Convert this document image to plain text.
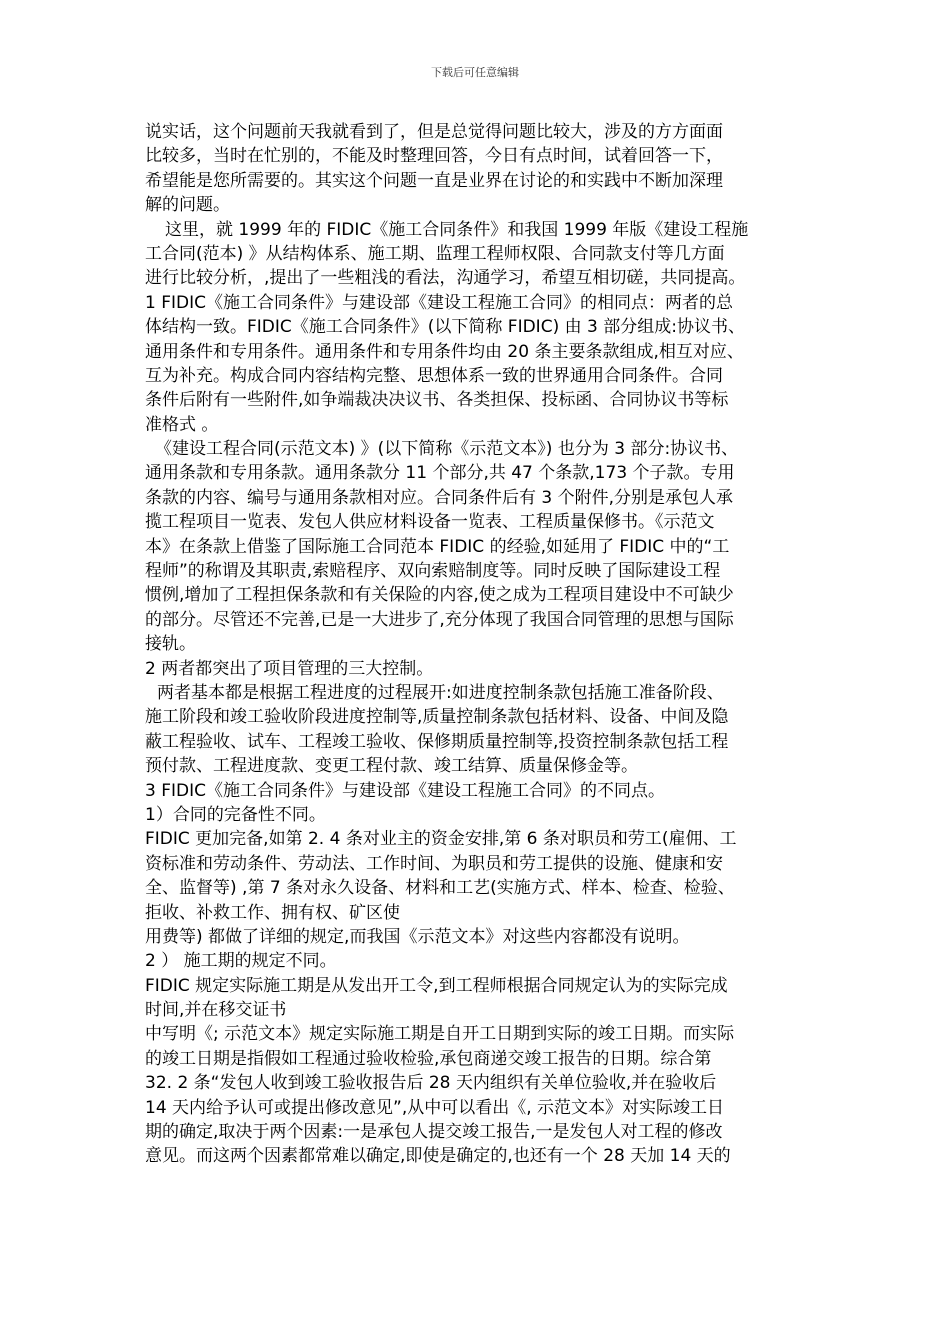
下载后可任意编辑
说实话，这个问题前天我就看到了，但是总觉得问题比较大，涉及的方方面面
比较多，当时在忙别的，不能及时整理回答，今日有点时间，试着回答一下，
希望能是您所需要的。其实这个问题一直是业界在讨论的和实践中不断加深理
解的问题。
这里，就 1999 年的 FIDIC《施工合同条件》和我国 1999 年版《建设工程施
工合同(范本) 》从结构体系、施工期、监理工程师权限、合同款支付等几方面
进行比较分析，,提出了一些粗浅的看法，沟通学习，希望互相切磋，共同提高。
1 FIDIC《施工合同条件》与建设部《建设工程施工合同》的相同点：两者的总
体结构一致。FIDIC《施工合同条件》(以下简称 FIDIC) 由 3 部分组成:协议书、
通用条件和专用条件。通用条件和专用条件均由 20 条主要条款组成,相互对应、
互为补充。构成合同内容结构完整、思想体系一致的世界通用合同条件。合同
条件后附有一些附件,如争端裁决决议书、各类担保、投标函、合同协议书等标
准格式 。
《建设工程合同(示范文本) 》(以下简称《示范文本》) 也分为 3 部分:协议书、
通用条款和专用条款。通用条款分 11 个部分,共 47 个条款,173 个子款。专用
条款的内容、编号与通用条款相对应。合同条件后有 3 个附件,分别是承包人承
揽工程项目一览表、发包人供应材料设备一览表、工程质量保修书。《示范文
本》在条款上借鉴了国际施工合同范本 FIDIC 的经验,如延用了 FIDIC 中的“工
程师”的称谓及其职责,索赔程序、双向索赔制度等。同时反映了国际建设工程
惯例,增加了工程担保条款和有关保险的内容,使之成为工程项目建设中不可缺少
的部分。尽管还不完善,已是一大进步了,充分体现了我国合同管理的思想与国际
接轨。
2 两者都突出了项目管理的三大控制。
两者基本都是根据工程进度的过程展开:如进度控制条款包括施工准备阶段、
施工阶段和竣工验收阶段进度控制等,质量控制条款包括材料、设备、中间及隐
蔽工程验收、试车、工程竣工验收、保修期质量控制等,投资控制条款包括工程
预付款、工程进度款、变更工程付款、竣工结算、质量保修金等。
3 FIDIC《施工合同条件》与建设部《建设工程施工合同》的不同点。
1）合同的完备性不同。
FIDIC 更加完备,如第 2. 4 条对业主的资金安排,第 6 条对职员和劳工(雇佣、工
资标准和劳动条件、劳动法、工作时间、为职员和劳工提供的设施、健康和安
全、监督等) ,第 7 条对永久设备、材料和工艺(实施方式、样本、检查、检验、
拒收、补救工作、拥有权、矿区使
用费等) 都做了详细的规定,而我国《示范文本》对这些内容都没有说明。
2 ） 施工期的规定不同。
FIDIC 规定实际施工期是从发出开工令,到工程师根据合同规定认为的实际完成
时间,并在移交证书
中写明《; 示范文本》规定实际施工期是自开工日期到实际的竣工日期。而实际
的竣工日期是指假如工程通过验收检验,承包商递交竣工报告的日期。综合第
32. 2 条“发包人收到竣工验收报告后 28 天内组织有关单位验收,并在验收后
14 天内给予认可或提出修改意见”,从中可以看出《, 示范文本》对实际竣工日
期的确定,取决于两个因素:一是承包人提交竣工报告,一是发包人对工程的修改
意见。而这两个因素都常难以确定,即使是确定的,也还有一个 28 天加 14 天的
